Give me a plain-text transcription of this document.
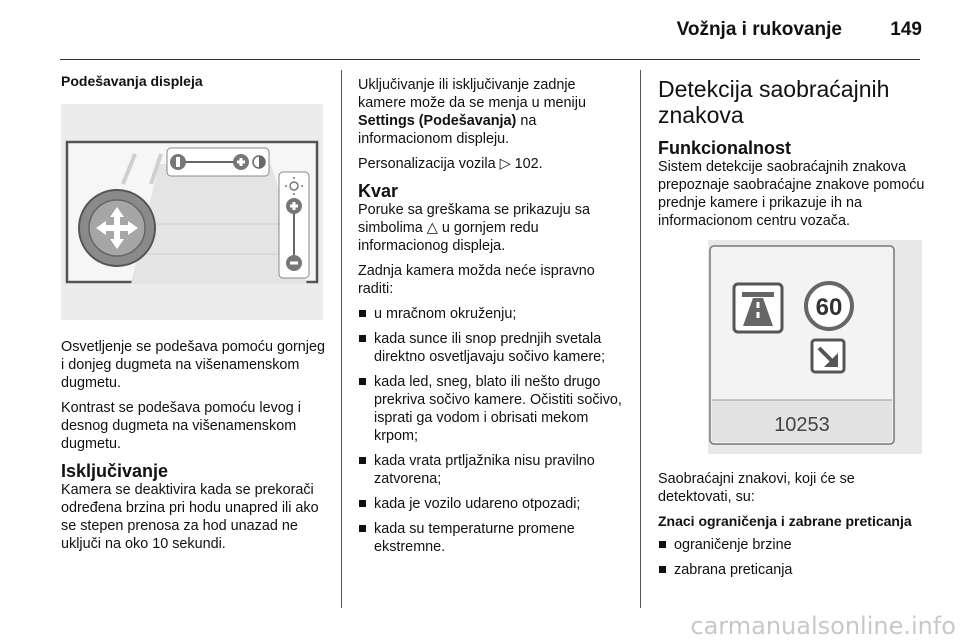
Vožnja i rukovanje	149
Podešavanja displeja

Osvetljenje se podešava pomoću gornjeg i donjeg dugmeta na višenamenskom dugmetu.

Kontrast se podešava pomoću levog i desnog dugmeta na višenamenskom dugmetu.

Isključivanje

Kamera se deaktivira kada se prekorači određena brzina pri hodu unapred ili ako se stepen prenosa za hod unazad ne uključi na oko 10 sekundi.

Uključivanje ili isključivanje zadnje kamere može da se menja u meniju Settings (Podešavanja) na informacionom displeju.

Personalizacija vozila ▷ 102.

Kvar

Poruke sa greškama se prikazuju sa simbolima △ u gornjem redu informacionog displeja.

Zadnja kamera možda neće ispravno raditi:

u mračnom okruženju;
kada sunce ili snop prednjih svetala direktno osvetljavaju sočivo kamere;
kada led, sneg, blato ili nešto drugo prekriva sočivo kamere. Očistiti sočivo, isprati ga vodom i obrisati mekom krpom;
kada vrata prtljažnika nisu pravilno zatvorena;
kada je vozilo udareno otpozadi;
kada su temperaturne promene ekstremne.
Detekcija saobraćajnih znakova
Funkcionalnost

Sistem detekcije saobraćajnih znakova prepoznaje saobraćajne znakove pomoću prednje kamere i prikazuje ih na informacionom centru vozača.

60
10253

Saobraćajni znakovi, koji će se detektovati, su:

Znaci ograničenja i zabrane preticanja

ograničenje brzine
zabrana preticanja
carmanualsonline.info
